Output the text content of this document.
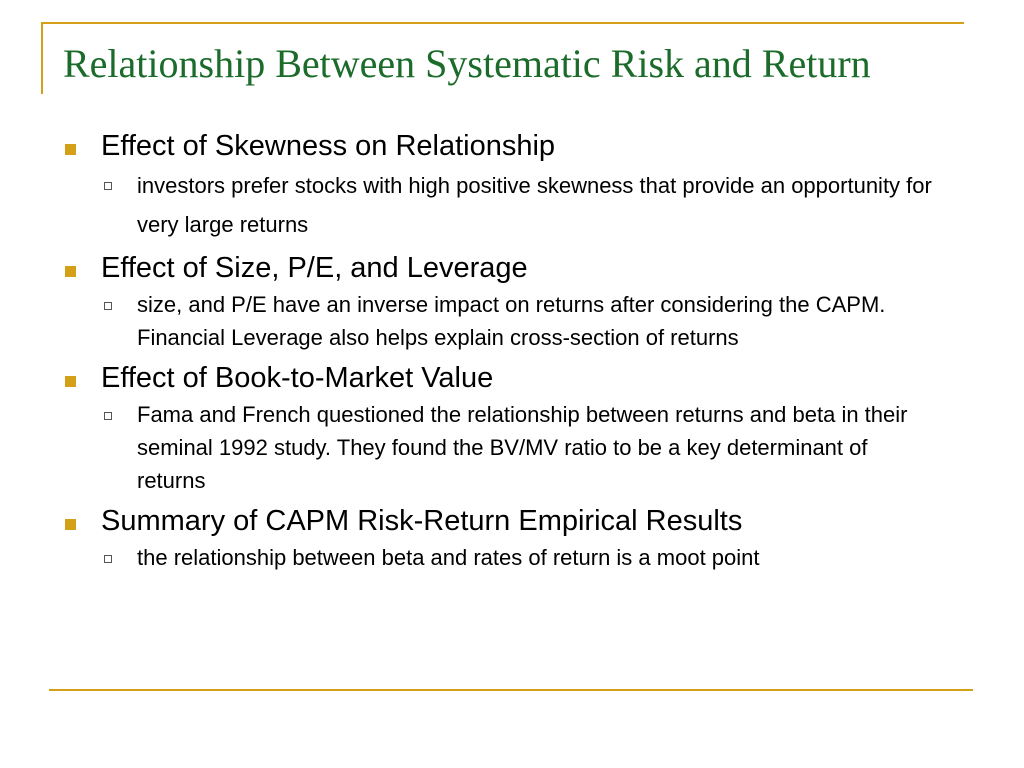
Relationship Between Systematic Risk and Return
Effect of Skewness on Relationship
investors prefer stocks with high positive skewness that provide an opportunity for very large returns
Effect of Size, P/E, and Leverage
size, and P/E have an inverse impact on returns after considering the CAPM. Financial Leverage also helps explain cross-section of returns
Effect of Book-to-Market Value
Fama and French questioned the relationship between returns and beta in their seminal 1992 study. They found the BV/MV ratio to be a key determinant of returns
Summary of CAPM Risk-Return Empirical Results
the relationship between beta and rates of return is a moot point
